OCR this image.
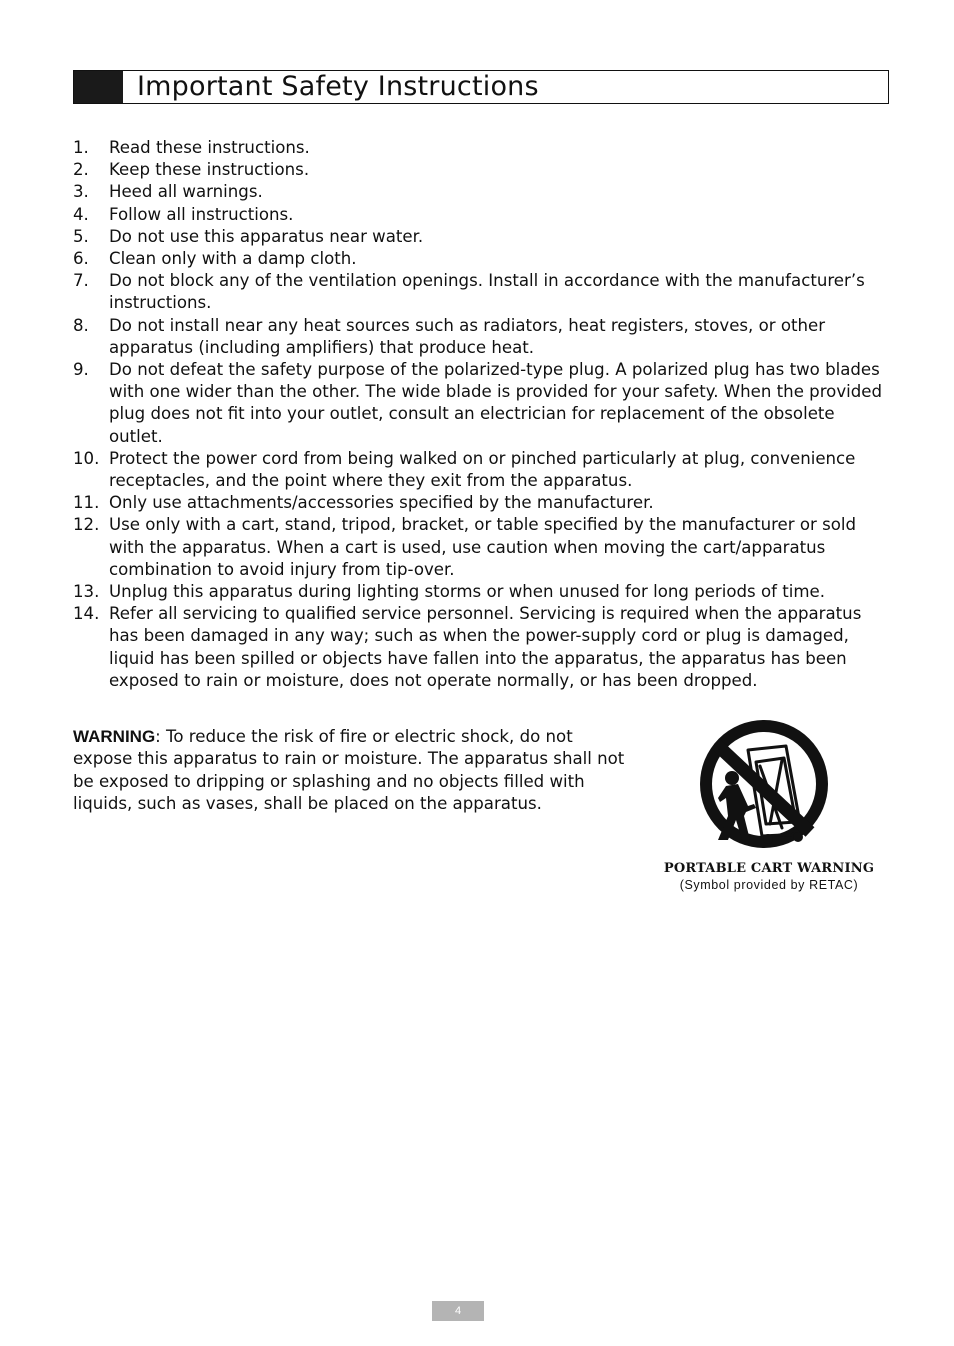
Important Safety Instructions
1. Read these instructions.
2. Keep these instructions.
3. Heed all warnings.
4. Follow all instructions.
5. Do not use this apparatus near water.
6. Clean only with a damp cloth.
7. Do not block any of the ventilation openings. Install in accordance with the manufacturer’s instructions.
8. Do not install near any heat sources such as radiators, heat registers, stoves, or other apparatus (including amplifiers) that produce heat.
9. Do not defeat the safety purpose of the polarized-type plug. A polarized plug has two blades with one wider than the other. The wide blade is provided for your safety. When the provided plug does not fit into your outlet, consult an electrician for replacement of the obsolete outlet.
10. Protect the power cord from being walked on or pinched particularly at plug, convenience receptacles, and the point where they exit from the apparatus.
11. Only use attachments/accessories specified by the manufacturer.
12. Use only with a cart, stand, tripod, bracket, or table specified by the manufacturer or sold with the apparatus. When a cart is used, use caution when moving the cart/apparatus combination to avoid injury from tip-over.
13. Unplug this apparatus during lighting storms or when unused for long periods of time.
14. Refer all servicing to qualified service personnel. Servicing is required when the apparatus has been damaged in any way; such as when the power-supply cord or plug is damaged, liquid has been spilled or objects have fallen into the apparatus, the apparatus has been exposed to rain or moisture, does not operate normally, or has been dropped.

WARNING: To reduce the risk of fire or electric shock, do not expose this apparatus to rain or moisture. The apparatus shall not be exposed to dripping or splashing and no objects filled with liquids, such as vases, shall be placed on the apparatus.

PORTABLE CART WARNING
(Symbol provided by RETAC)
4
